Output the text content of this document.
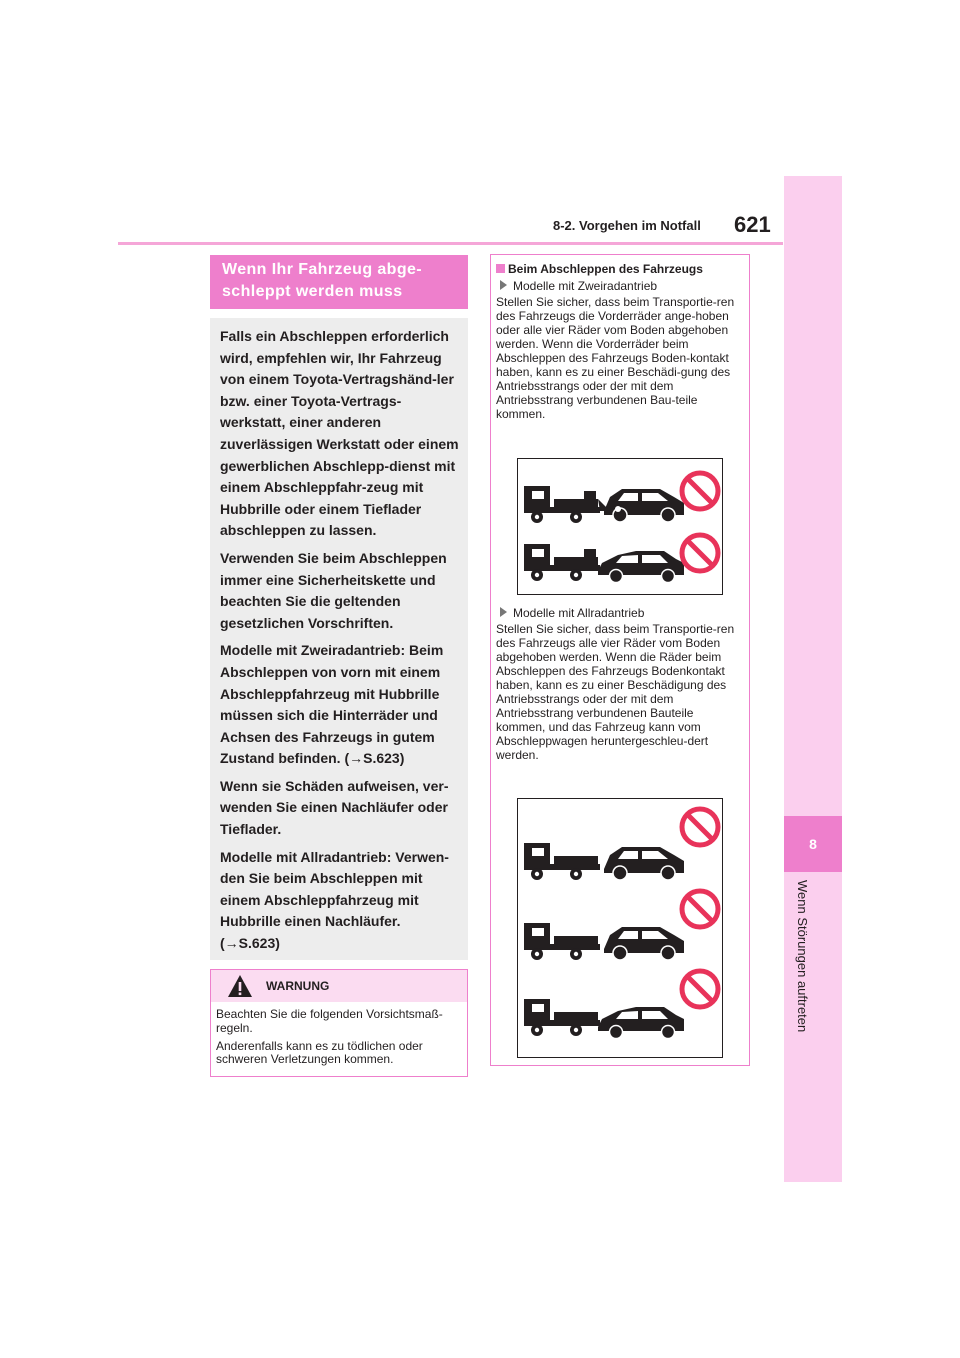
8-2. Vorgehen im Notfall 621
8
Wenn Störungen auftreten
Wenn Ihr Fahrzeug abge-schleppt werden muss

Falls ein Abschleppen erforderlich wird, empfehlen wir, Ihr Fahrzeug von einem Toyota-Vertragshänd-ler bzw. einer Toyota-Vertrags-werkstatt, einer anderen zuverlässigen Werkstatt oder einem gewerblichen Abschlepp-dienst mit einem Abschleppfahr-zeug mit Hubbrille oder einem Tieflader abschleppen zu lassen.

Verwenden Sie beim Abschleppen immer eine Sicherheitskette und beachten Sie die geltenden gesetzlichen Vorschriften.

Modelle mit Zweiradantrieb: Beim Abschleppen von vorn mit einem Abschleppfahrzeug mit Hubbrille müssen sich die Hinterräder und Achsen des Fahrzeugs in gutem Zustand befinden. (→S.623)

Wenn sie Schäden aufweisen, ver-wenden Sie einen Nachläufer oder Tieflader.

Modelle mit Allradantrieb: Verwen-den Sie beim Abschleppen mit einem Abschleppfahrzeug mit Hubbrille einen Nachläufer. (→S.623)

WARNUNG

Beachten Sie die folgenden Vorsichtsmaß-regeln.

Anderenfalls kann es zu tödlichen oder schweren Verletzungen kommen.

Beim Abschleppen des Fahrzeugs
Modelle mit Zweiradantrieb
Stellen Sie sicher, dass beim Transportie-ren des Fahrzeugs die Vorderräder ange-hoben oder alle vier Räder vom Boden abgehoben werden. Wenn die Vorderräder beim Abschleppen des Fahrzeugs Boden-kontakt haben, kann es zu einer Beschädi-gung des Antriebsstrangs oder der mit dem Antriebsstrang verbundenen Bau-teile kommen.
Modelle mit Allradantrieb
Stellen Sie sicher, dass beim Transportie-ren des Fahrzeugs alle vier Räder vom Boden abgehoben werden. Wenn die Räder beim Abschleppen des Fahrzeugs Bodenkontakt haben, kann es zu einer Beschädigung des Antriebsstrangs oder der mit dem Antriebsstrang verbundenen Bauteile kommen, und das Fahrzeug kann vom Abschleppwagen heruntergeschleu-dert werden.
